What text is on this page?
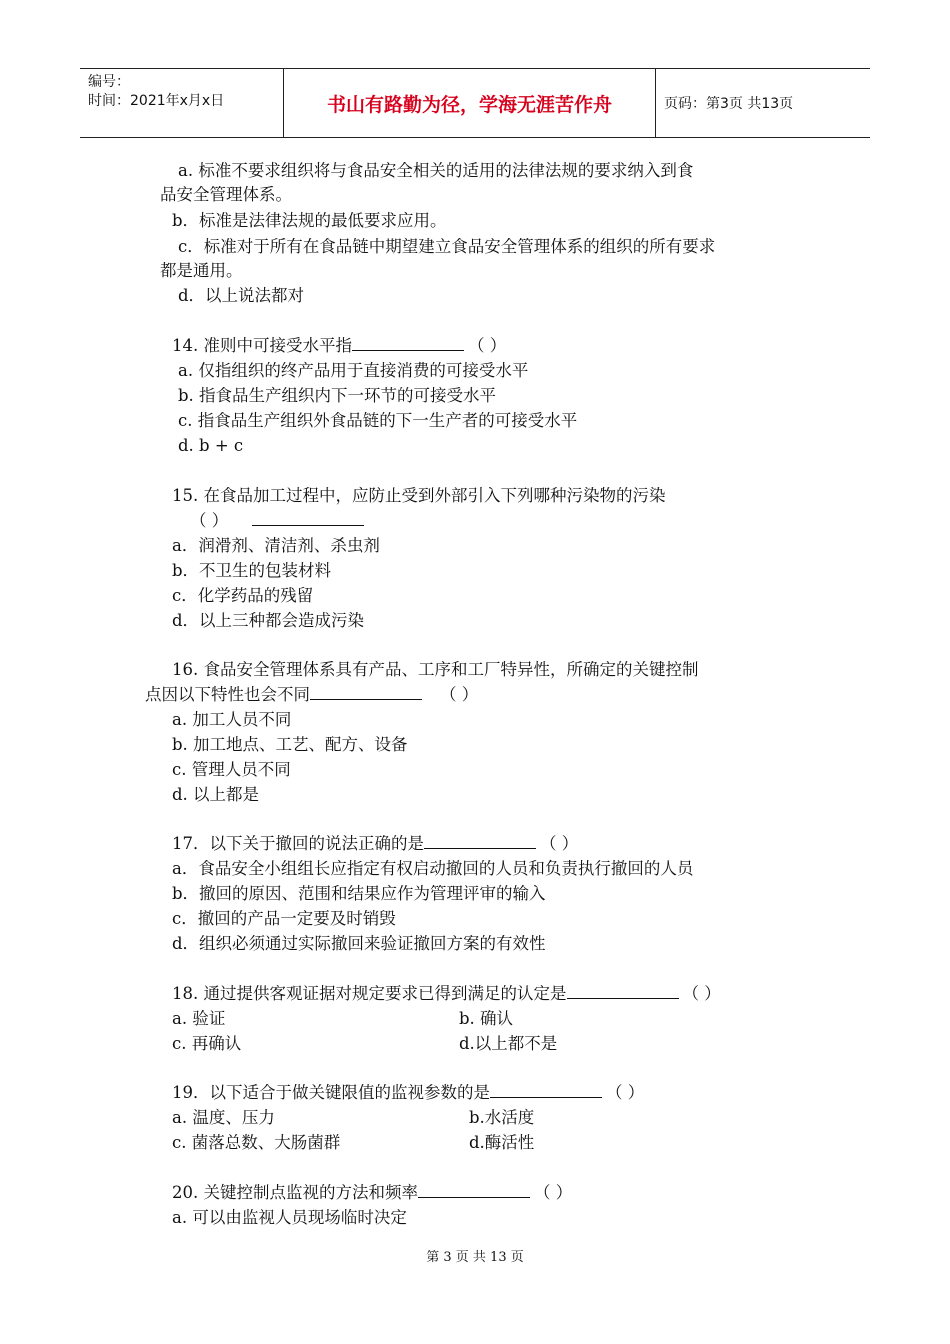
编号：
时间：2021年x月x日	书山有路勤为径，学海无涯苦作舟	页码：第3页 共13页
a. 标准不要求组织将与食品安全相关的适用的法律法规的要求纳入到食
品安全管理体系。
b．标准是法律法规的最低要求应用。
c．标准对于所有在食品链中期望建立食品安全管理体系的组织的所有要求
都是通用。
d．以上说法都对
14. 准则中可接受水平指	（ ）
a. 仅指组织的终产品用于直接消费的可接受水平
b. 指食品生产组织内下一环节的可接受水平
c. 指食品生产组织外食品链的下一生产者的可接受水平
d. b + c
15. 在食品加工过程中，应防止受到外部引入下列哪种污染物的污染
（ ）
a．润滑剂、清洁剂、杀虫剂
b．不卫生的包装材料
c．化学药品的残留
d．以上三种都会造成污染
16. 食品安全管理体系具有产品、工序和工厂特异性，所确定的关键控制
点因以下特性也会不同	（ ）
a. 加工人员不同
b. 加工地点、工艺、配方、设备
c. 管理人员不同
d. 以上都是
17．以下关于撤回的说法正确的是	（ ）
a．食品安全小组组长应指定有权启动撤回的人员和负责执行撤回的人员
b．撤回的原因、范围和结果应作为管理评审的输入
c．撤回的产品一定要及时销毁
d．组织必须通过实际撤回来验证撤回方案的有效性
18. 通过提供客观证据对规定要求已得到满足的认定是	（ ）
a. 验证	b. 确认
c. 再确认	d.以上都不是
19．以下适合于做关键限值的监视参数的是	（ ）
a. 温度、压力	b.水活度
c. 菌落总数、大肠菌群	d.酶活性
20. 关键控制点监视的方法和频率	（ ）
a. 可以由监视人员现场临时决定
第 3 页 共 13 页
